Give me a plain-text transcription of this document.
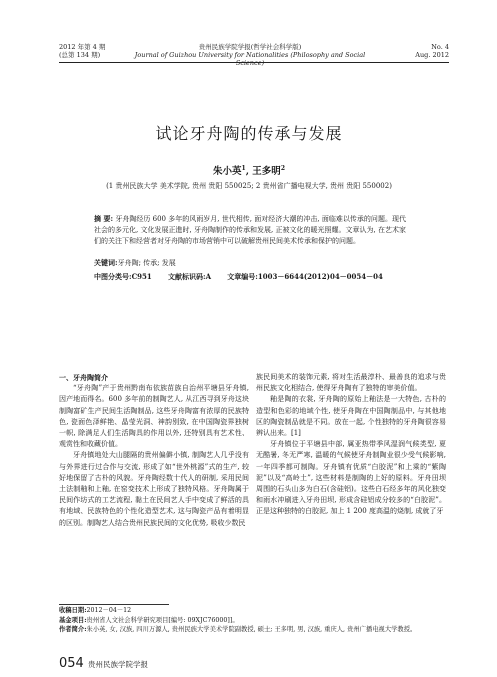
2012 年第 4 期
(总第 134 期)
贵州民族学院学报(哲学社会科学版)
Journal of Guizhou University for Nationalities (Philosophy and Social Science)
No. 4
Aug. 2012
试论牙舟陶的传承与发展
朱小英$^1$, 王多明$^2$
(1 贵州民族大学 美术学院, 贵州 贵阳 550025; 2 贵州省广播电视大学, 贵州 贵阳 550002)
摘 要: 牙舟陶经历 600 多年的风雨岁月, 世代相传, 面对经济大潮的冲击, 面临难以传承的问题。现代社会的多元化, 文化发展正進时, 牙舟陶制作的传承和发展, 正被文化的暖光照耀。文章认为, 在艺术家们的关注下和经营者对牙舟陶的市场营销中可以破解贵州民间美术传承和保护的问题。
关键词:牙舟陶; 传承; 发展
中图分类号:C951 文献标识码:A 文章编号:1003－6644(2012)04－0054－04

一、牙舟陶简介

“牙舟陶”产于贵州黔南布依族苗族自治州平塘县牙舟镇, 因产地而得名。600 多年前的制陶艺人, 从江西寻到牙舟这块制陶富矿生产民间生活陶制品, 这些牙舟陶富有浓厚的民族特色, 瓷面色泽鲜艳、晶莹光洞、神韵别致, 在中国陶瓷界独树一帜, 除满足人们生活陶具的作用以外, 还特别具有艺术性、观赏性和收藏价值。

牙舟镇地处大山腿隔的贵州偏僻小镇, 制陶艺人几乎没有与外界进行过合作与交流, 形成了如“世外桃源”式的生产, 较好地保留了古朴的风貌。牙舟陶经数十代人的研制, 采用民间土法制釉和上釉, 在窑变技术上形成了独特风格。牙舟陶属于民间作坊式的工艺流程, 黏土在民间艺人手中变成了鲜活的具有地域、民族特色的个性化造型艺术, 这与陶瓷产品有着明显的区别。制陶艺人结合贵州民族民间的文化优势, 吸收少数民

族民间美术的装饰元素, 将对生活最淳朴、最善良的追求与贵州民族文化相结合, 使得牙舟陶有了独特的审美价值。

釉是陶的衣裳, 牙舟陶的原始上釉法是一大特色, 古朴的造型和色彩的地域个性, 使牙舟陶在中国陶制品中, 与其他地区的陶瓷制品就是不同。放在一起, 个性独特的牙舟陶很容易辨认出来。[1]

牙舟镇位于平塘县中部, 属亚热带季风湿润气候类型, 夏无酷暑, 冬无严寒, 温暖的气候使牙舟制陶业很少受气候影响, 一年四季都可制陶。牙舟镇有优质“白胶泥”和上乘的“紫陶泥”以及“高岭土”, 这些材料是制陶的上好的原料。牙舟田坝周围的石头山多为白石(含硅铝)。这些白石经多年的风化独变和雨水冲刷进入牙舟田坝, 形成含硅铝成分较多的“白胶泥”。正是这种独特的白胶泥, 加上 1 200 度高温的烧制, 成就了牙

收稿日期:2012－04－12
基金项目:贵州省人文社会科学研究项目[编号: 09XJC76000]]。
作者简介:朱小英, 女, 汉族, 四川万源人, 贵州民族大学美术学院副教授, 硕士; 王多明, 男, 汉族, 重庆人, 贵州广播电视大学教授。
054 贵州民族学院学报
